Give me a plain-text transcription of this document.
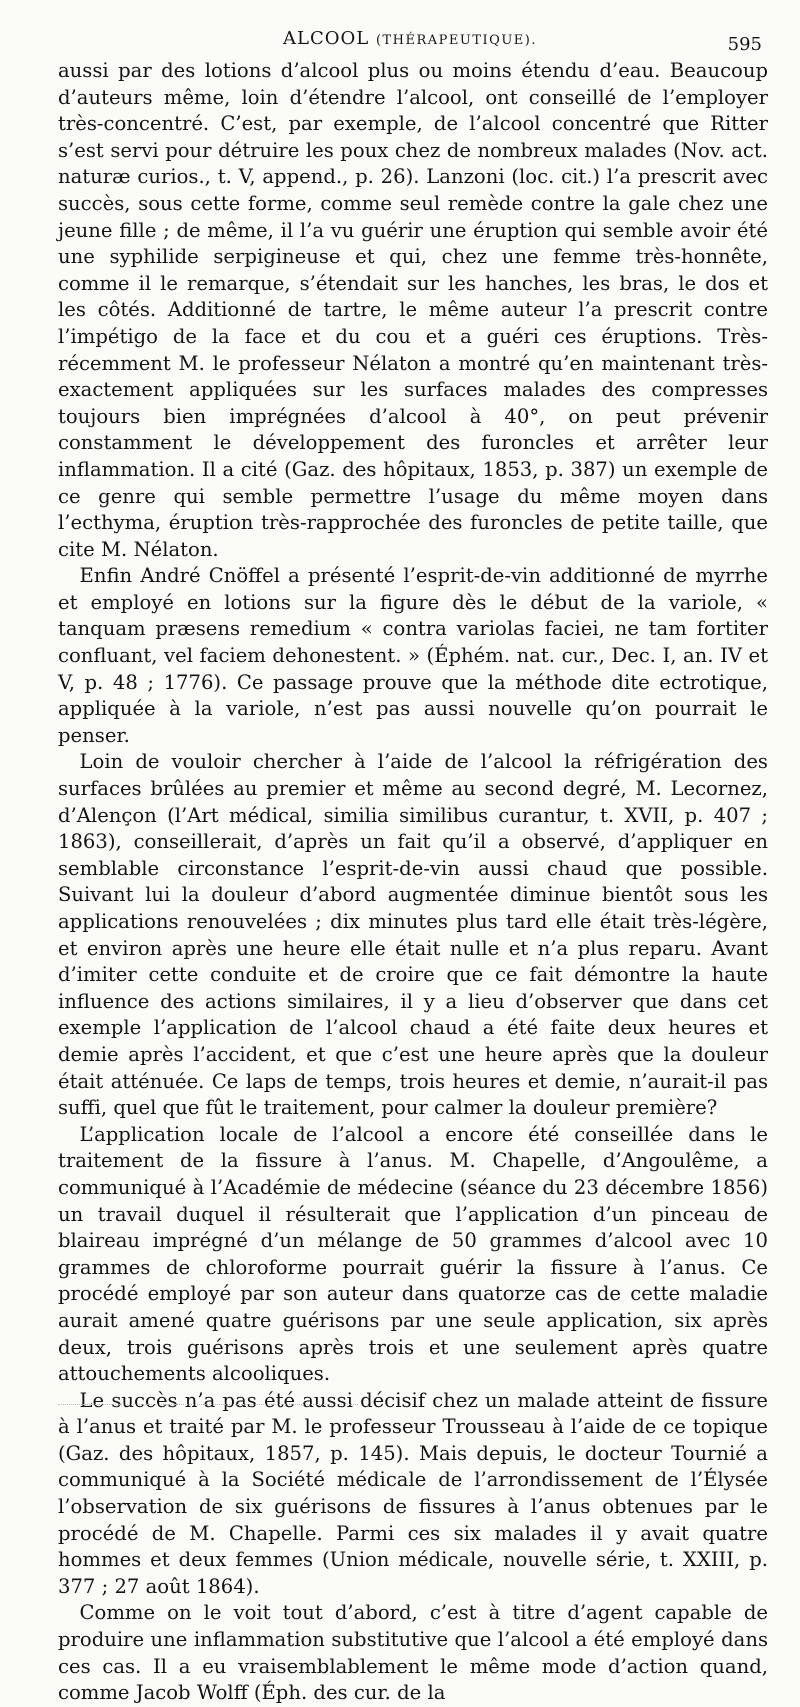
ALCOOL (THÉRAPEUTIQUE).	595

aussi par des lotions d’alcool plus ou moins étendu d’eau. Beaucoup d’auteurs même, loin d’étendre l’alcool, ont conseillé de l’employer très-concentré. C’est, par exemple, de l’alcool concentré que Ritter s’est servi pour détruire les poux chez de nombreux malades (Nov. act. naturæ curios., t. V, append., p. 26). Lanzoni (loc. cit.) l’a prescrit avec succès, sous cette forme, comme seul remède contre la gale chez une jeune fille ; de même, il l’a vu guérir une éruption qui semble avoir été une syphilide serpigineuse et qui, chez une femme très-honnête, comme il le remarque, s’étendait sur les hanches, les bras, le dos et les côtés. Additionné de tartre, le même auteur l’a prescrit contre l’impétigo de la face et du cou et a guéri ces éruptions. Très-récemment M. le professeur Nélaton a montré qu’en maintenant très-exactement appliquées sur les surfaces malades des compresses toujours bien imprégnées d’alcool à 40°, on peut prévenir constamment le développement des furoncles et arrêter leur inflammation. Il a cité (Gaz. des hôpitaux, 1853, p. 387) un exemple de ce genre qui semble permettre l’usage du même moyen dans l’ecthyma, éruption très-rapprochée des furoncles de petite taille, que cite M. Nélaton.

Enfin André Cnöffel a présenté l’esprit-de-vin additionné de myrrhe et employé en lotions sur la figure dès le début de la variole, « tanquam præsens remedium « contra variolas faciei, ne tam fortiter confluant, vel faciem dehonestent. » (Éphém. nat. cur., Dec. I, an. IV et V, p. 48 ; 1776). Ce passage prouve que la méthode dite ectrotique, appliquée à la variole, n’est pas aussi nouvelle qu’on pourrait le penser.

Loin de vouloir chercher à l’aide de l’alcool la réfrigération des surfaces brûlées au premier et même au second degré, M. Lecornez, d’Alençon (l’Art médical, similia similibus curantur, t. XVII, p. 407 ; 1863), conseillerait, d’après un fait qu’il a observé, d’appliquer en semblable circonstance l’esprit-de-vin aussi chaud que possible. Suivant lui la douleur d’abord augmentée diminue bientôt sous les applications renouvelées ; dix minutes plus tard elle était très-légère, et environ après une heure elle était nulle et n’a plus reparu. Avant d’imiter cette conduite et de croire que ce fait démontre la haute influence des actions similaires, il y a lieu d’observer que dans cet exemple l’application de l’alcool chaud a été faite deux heures et demie après l’accident, et que c’est une heure après que la douleur était atténuée. Ce laps de temps, trois heures et demie, n’aurait-il pas suffi, quel que fût le traitement, pour calmer la douleur première?

L’application locale de l’alcool a encore été conseillée dans le traitement de la fissure à l’anus. M. Chapelle, d’Angoulême, a communiqué à l’Académie de médecine (séance du 23 décembre 1856) un travail duquel il résulterait que l’application d’un pinceau de blaireau imprégné d’un mélange de 50 grammes d’alcool avec 10 grammes de chloroforme pourrait guérir la fissure à l’anus. Ce procédé employé par son auteur dans quatorze cas de cette maladie aurait amené quatre guérisons par une seule application, six après deux, trois guérisons après trois et une seulement après quatre attouchements alcooliques.

Le succès n’a pas été aussi décisif chez un malade atteint de fissure à l’anus et traité par M. le professeur Trousseau à l’aide de ce topique (Gaz. des hôpitaux, 1857, p. 145). Mais depuis, le docteur Tournié a communiqué à la Société médicale de l’arrondissement de l’Élysée l’observation de six guérisons de fissures à l’anus obtenues par le procédé de M. Chapelle. Parmi ces six malades il y avait quatre hommes et deux femmes (Union médicale, nouvelle série, t. XXIII, p. 377 ; 27 août 1864).

Comme on le voit tout d’abord, c’est à titre d’agent capable de produire une inflammation substitutive que l’alcool a été employé dans ces cas. Il a eu vraisemblablement le même mode d’action quand, comme Jacob Wolff (Éph. des cur. de la
